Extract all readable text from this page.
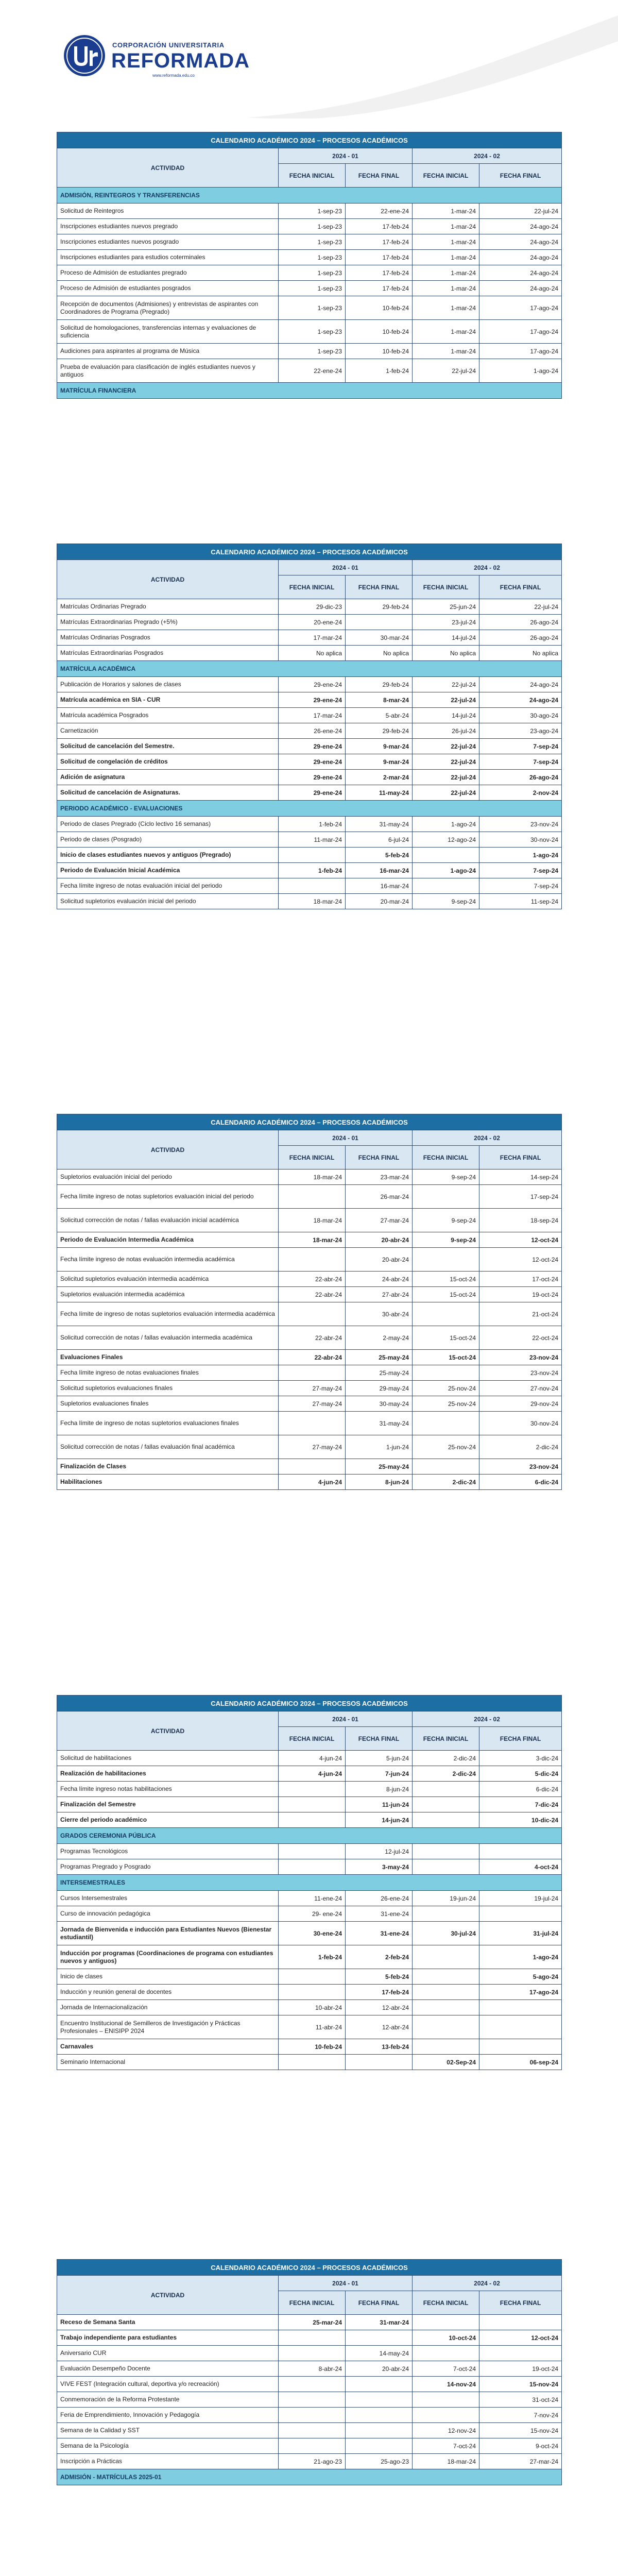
CORPORACIÓN UNIVERSITARIA
REFORMADA
www.reformada.edu.co
CALENDARIO ACADÉMICO 2024 – PROCESOS ACADÉMICOS				
ACTIVIDAD	2024 - 01		2024 - 02	
	FECHA INICIAL	FECHA FINAL	FECHA INICIAL	FECHA FINAL
ADMISIÓN, REINTEGROS Y TRANSFERENCIAS				
Solicitud de Reintegros	1-sep-23	22-ene-24	1-mar-24	22-jul-24
Inscripciones estudiantes nuevos pregrado	1-sep-23	17-feb-24	1-mar-24	24-ago-24
Inscripciones estudiantes nuevos posgrado	1-sep-23	17-feb-24	1-mar-24	24-ago-24
Inscripciones estudiantes para estudios coterminales	1-sep-23	17-feb-24	1-mar-24	24-ago-24
Proceso de Admisión de estudiantes pregrado	1-sep-23	17-feb-24	1-mar-24	24-ago-24
Proceso de Admisión de estudiantes posgrados	1-sep-23	17-feb-24	1-mar-24	24-ago-24
Recepción de documentos (Admisiones) y entrevistas de aspirantes con Coordinadores de Programa (Pregrado)	1-sep-23	10-feb-24	1-mar-24	17-ago-24
Solicitud de homologaciones, transferencias internas y evaluaciones de suficiencia	1-sep-23	10-feb-24	1-mar-24	17-ago-24
Audiciones para aspirantes al programa de Música	1-sep-23	10-feb-24	1-mar-24	17-ago-24
Prueba de evaluación para clasificación de inglés estudiantes nuevos y antiguos	22-ene-24	1-feb-24	22-jul-24	1-ago-24
MATRÍCULA FINANCIERA				
CALENDARIO ACADÉMICO 2024 – PROCESOS ACADÉMICOS				
ACTIVIDAD	2024 - 01		2024 - 02	
	FECHA INICIAL	FECHA FINAL	FECHA INICIAL	FECHA FINAL
Matrículas Ordinarias Pregrado	29-dic-23	29-feb-24	25-jun-24	22-jul-24
Matrículas Extraordinarias Pregrado (+5%)	20-ene-24		23-jul-24	26-ago-24
Matrículas Ordinarias Posgrados	17-mar-24	30-mar-24	14-jul-24	26-ago-24
Matrículas Extraordinarias Posgrados	No aplica	No aplica	No aplica	No aplica
MATRÍCULA ACADÉMICA				
Publicación de Horarios y salones de clases	29-ene-24	29-feb-24	22-jul-24	24-ago-24
Matrícula académica en SIA - CUR	29-ene-24	8-mar-24	22-jul-24	24-ago-24
Matrícula académica Posgrados	17-mar-24	5-abr-24	14-jul-24	30-ago-24
Carnetización	26-ene-24	29-feb-24	26-jul-24	23-ago-24
Solicitud de cancelación del Semestre.	29-ene-24	9-mar-24	22-jul-24	7-sep-24
Solicitud de congelación de créditos	29-ene-24	9-mar-24	22-jul-24	7-sep-24
Adición de asignatura	29-ene-24	2-mar-24	22-jul-24	26-ago-24
Solicitud de cancelación de Asignaturas.	29-ene-24	11-may-24	22-jul-24	2-nov-24
PERIODO ACADÉMICO - EVALUACIONES				
Periodo de clases Pregrado (Ciclo lectivo 16 semanas)	1-feb-24	31-may-24	1-ago-24	23-nov-24
Periodo de clases (Posgrado)	11-mar-24	6-jul-24	12-ago-24	30-nov-24
Inicio de clases estudiantes nuevos y antiguos (Pregrado)		5-feb-24		1-ago-24
Periodo de Evaluación Inicial Académica	1-feb-24	16-mar-24	1-ago-24	7-sep-24
Fecha límite ingreso de notas evaluación inicial del periodo		16-mar-24		7-sep-24
Solicitud supletorios evaluación inicial del periodo	18-mar-24	20-mar-24	9-sep-24	11-sep-24
CALENDARIO ACADÉMICO 2024 – PROCESOS ACADÉMICOS				
ACTIVIDAD	2024 - 01		2024 - 02	
	FECHA INICIAL	FECHA FINAL	FECHA INICIAL	FECHA FINAL
Supletorios evaluación inicial del periodo	18-mar-24	23-mar-24	9-sep-24	14-sep-24
Fecha límite ingreso de notas supletorios evaluación inicial del periodo		26-mar-24		17-sep-24
Solicitud corrección de notas / fallas evaluación inicial académica	18-mar-24	27-mar-24	9-sep-24	18-sep-24
Periodo de Evaluación Intermedia Académica	18-mar-24	20-abr-24	9-sep-24	12-oct-24
Fecha límite ingreso de notas evaluación intermedia académica		20-abr-24		12-oct-24
Solicitud supletorios evaluación intermedia académica	22-abr-24	24-abr-24	15-oct-24	17-oct-24
Supletorios evaluación intermedia académica	22-abr-24	27-abr-24	15-oct-24	19-oct-24
Fecha límite de ingreso de notas supletorios evaluación intermedia académica		30-abr-24		21-oct-24
Solicitud corrección de notas / fallas evaluación intermedia académica	22-abr-24	2-may-24	15-oct-24	22-oct-24
Evaluaciones Finales	22-abr-24	25-may-24	15-oct-24	23-nov-24
Fecha límite ingreso de notas evaluaciones finales		25-may-24		23-nov-24
Solicitud supletorios evaluaciones finales	27-may-24	29-may-24	25-nov-24	27-nov-24
Supletorios evaluaciones finales	27-may-24	30-may-24	25-nov-24	29-nov-24
Fecha límite de ingreso de notas supletorios evaluaciones finales		31-may-24		30-nov-24
Solicitud corrección de notas / fallas evaluación final académica	27-may-24	1-jun-24	25-nov-24	2-dic-24
Finalización de Clases		25-may-24		23-nov-24
Habilitaciones	4-jun-24	8-jun-24	2-dic-24	6-dic-24
CALENDARIO ACADÉMICO 2024 – PROCESOS ACADÉMICOS				
ACTIVIDAD	2024 - 01		2024 - 02	
	FECHA INICIAL	FECHA FINAL	FECHA INICIAL	FECHA FINAL
Solicitud de habilitaciones	4-jun-24	5-jun-24	2-dic-24	3-dic-24
Realización de habilitaciones	4-jun-24	7-jun-24	2-dic-24	5-dic-24
Fecha límite ingreso notas habilitaciones		8-jun-24		6-dic-24
Finalización del Semestre		11-jun-24		7-dic-24
Cierre del periodo académico		14-jun-24		10-dic-24
GRADOS CEREMONIA PÚBLICA				
Programas Tecnológicos		12-jul-24		
Programas Pregrado y Posgrado		3-may-24		4-oct-24
INTERSEMESTRALES				
Cursos Intersemestrales	11-ene-24	26-ene-24	19-jun-24	19-jul-24
Curso de innovación pedagógica	29- ene-24	31-ene-24		
Jornada de Bienvenida e inducción para Estudiantes Nuevos (Bienestar estudiantil)	30-ene-24	31-ene-24	30-jul-24	31-jul-24
Inducción por programas (Coordinaciones de programa con estudiantes nuevos y antiguos)	1-feb-24	2-feb-24		1-ago-24
Inicio de clases		5-feb-24		5-ago-24
Inducción y reunión general de docentes		17-feb-24		17-ago-24
Jornada de Internacionalización	10-abr-24	12-abr-24		
Encuentro Institucional de Semilleros de Investigación y Prácticas Profesionales – ENISIPP 2024	11-abr-24	12-abr-24		
Carnavales	10-feb-24	13-feb-24		
Seminario Internacional			02-Sep-24	06-sep-24
CALENDARIO ACADÉMICO 2024 – PROCESOS ACADÉMICOS				
ACTIVIDAD	2024 - 01		2024 - 02	
	FECHA INICIAL	FECHA FINAL	FECHA INICIAL	FECHA FINAL
Receso de Semana Santa	25-mar-24	31-mar-24		
Trabajo independiente para estudiantes			10-oct-24	12-oct-24
Aniversario CUR		14-may-24		
Evaluación Desempeño Docente	8-abr-24	20-abr-24	7-oct-24	19-oct-24
VIVE FEST (Integración cultural, deportiva y/o recreación)			14-nov-24	15-nov-24
Conmemoración de la Reforma Protestante				31-oct-24
Feria de Emprendimiento, Innovación y Pedagogía				7-nov-24
Semana de la Calidad y SST			12-nov-24	15-nov-24
Semana de la Psicología			7-oct-24	9-oct-24
Inscripción a Prácticas	21-ago-23	25-ago-23	18-mar-24	27-mar-24
ADMISIÓN - MATRÍCULAS 2025-01				
